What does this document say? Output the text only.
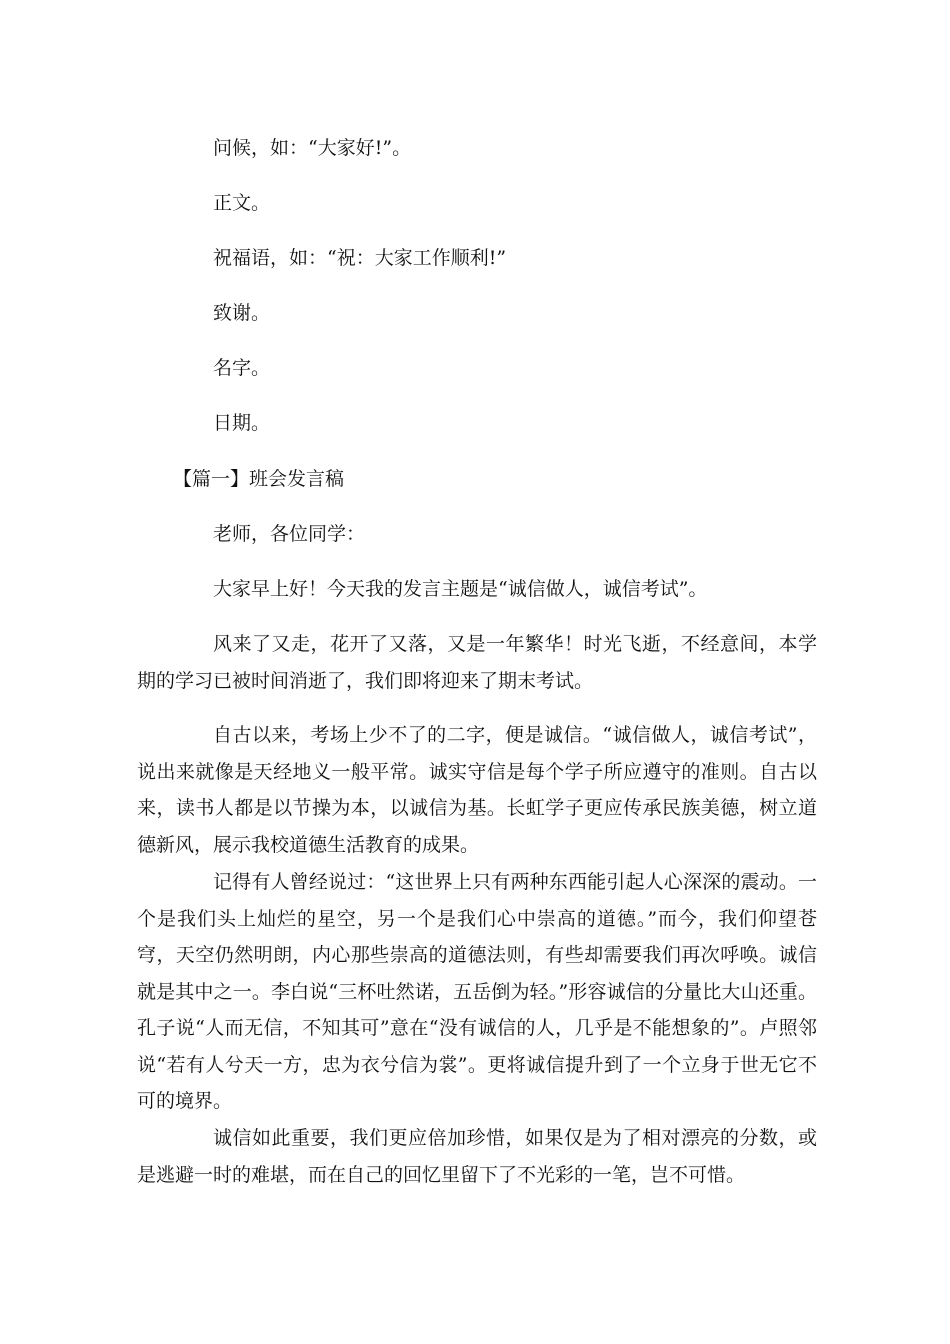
问候，如：“大家好!”。
正文。
祝福语，如：“祝：大家工作顺利!”
致谢。
名字。
日期。
【篇一】班会发言稿
老师，各位同学：
大家早上好！今天我的发言主题是“诚信做人，诚信考试”。

风来了又走，花开了又落，又是一年繁华！时光飞逝，不经意间，本学期的学习已被时间消逝了，我们即将迎来了期末考试。

自古以来，考场上少不了的二字，便是诚信。“诚信做人，诚信考试”，说出来就像是天经地义一般平常。诚实守信是每个学子所应遵守的准则。自古以来，读书人都是以节操为本，以诚信为基。长虹学子更应传承民族美德，树立道德新风，展示我校道德生活教育的成果。

记得有人曾经说过：“这世界上只有两种东西能引起人心深深的震动。一个是我们头上灿烂的星空，另一个是我们心中崇高的道德。”而今，我们仰望苍穹，天空仍然明朗，内心那些崇高的道德法则，有些却需要我们再次呼唤。诚信就是其中之一。李白说“三杯吐然诺，五岳倒为轻。”形容诚信的分量比大山还重。孔子说“人而无信，不知其可”意在“没有诚信的人，几乎是不能想象的”。卢照邻说“若有人兮天一方，忠为衣兮信为裳”。更将诚信提升到了一个立身于世无它不可的境界。

诚信如此重要，我们更应倍加珍惜，如果仅是为了相对漂亮的分数，或是逃避一时的难堪，而在自己的回忆里留下了不光彩的一笔，岂不可惜。
